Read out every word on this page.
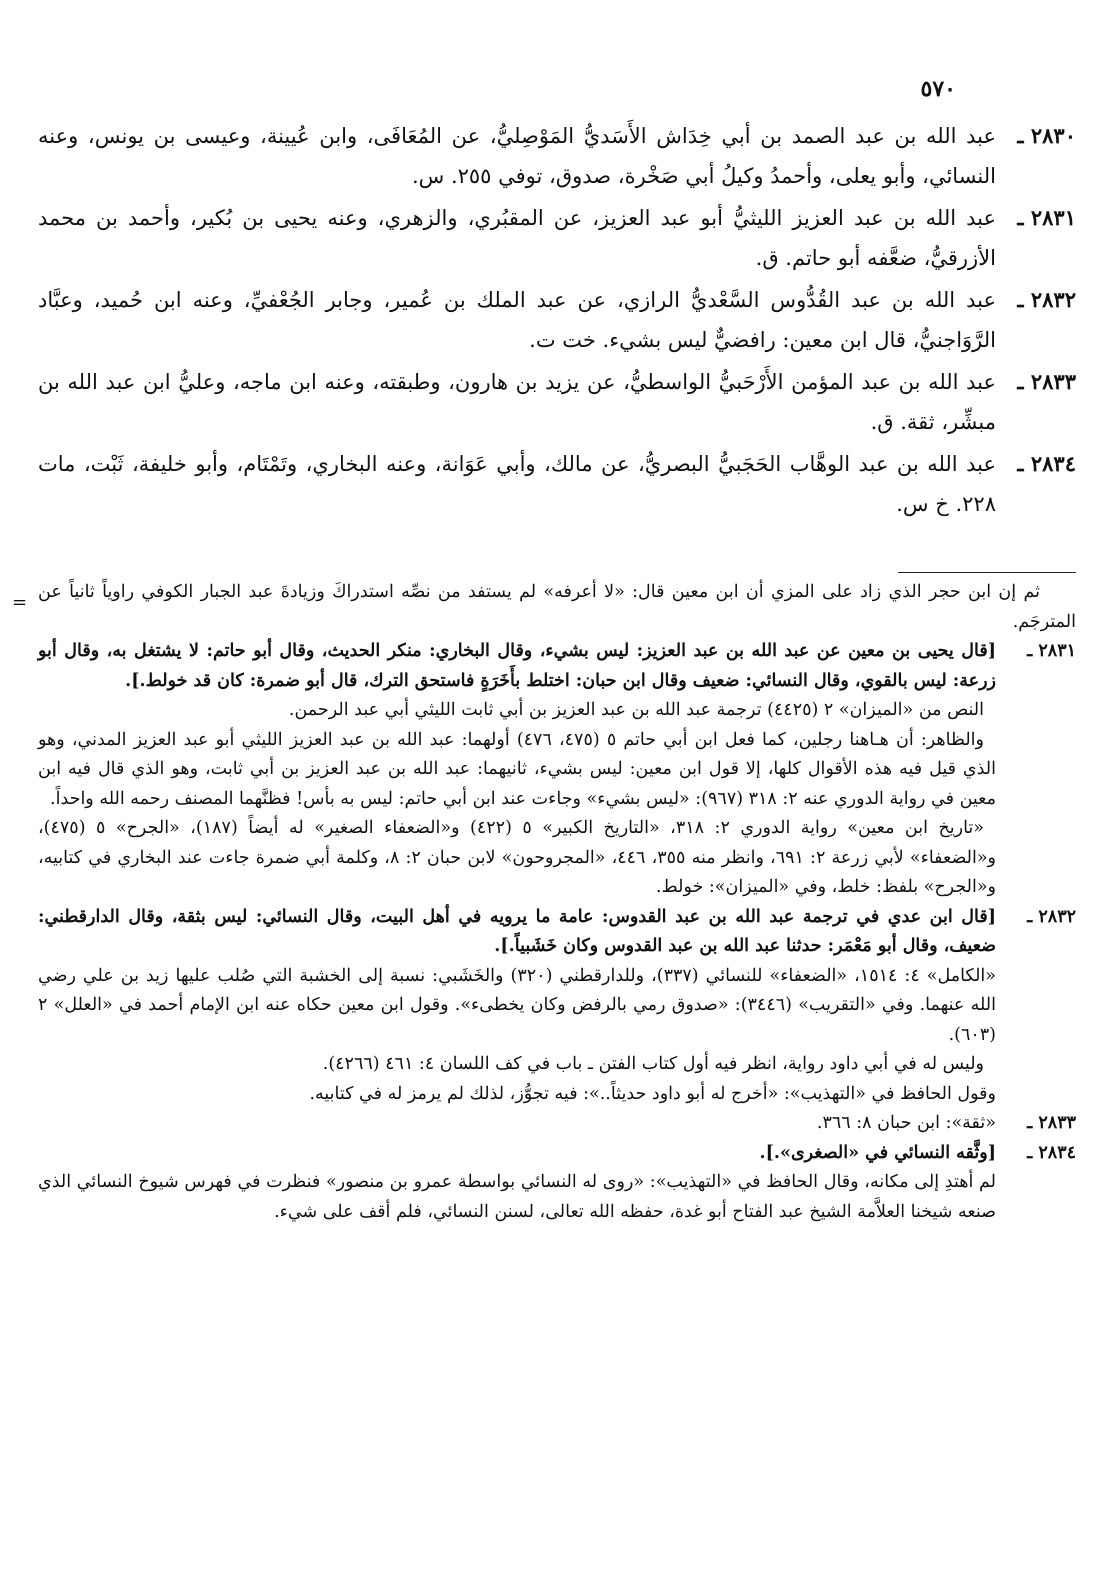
٥٧٠
٢٨٣٠ ـ
عبد الله بن عبد الصمد بن أبي خِدَاش الأَسَديُّ المَوْصِليُّ، عن المُعَافَى، وابن عُيينة، وعيسى بن يونس، وعنه النسائي، وأبو يعلى، وأحمدُ وكيلُ أبي صَخْرة، صدوق، توفي ٢٥٥. س.
٢٨٣١ ـ
عبد الله بن عبد العزيز الليثيُّ أبو عبد العزيز، عن المقبُري، والزهري، وعنه يحيى بن بُكير، وأحمد بن محمد الأزرقيُّ، ضعَّفه أبو حاتم. ق.
٢٨٣٢ ـ
عبد الله بن عبد القُدُّوس السَّعْديُّ الرازي، عن عبد الملك بن عُمير، وجابر الجُعْفيِّ، وعنه ابن حُميد، وعبَّاد الرَّوَاجنيُّ، قال ابن معين: رافضيٌّ ليس بشيء. خت ت.
٢٨٣٣ ـ
عبد الله بن عبد المؤمن الأَرْحَبيُّ الواسطيُّ، عن يزيد بن هارون، وطبقته، وعنه ابن ماجه، وعليُّ ابن عبد الله بن مبشِّر، ثقة. ق.
٢٨٣٤ ـ
عبد الله بن عبد الوهَّاب الحَجَبيُّ البصريُّ، عن مالك، وأبي عَوَانة، وعنه البخاري، وتَمْتَام، وأبو خليفة، ثَبْت، مات ٢٢٨. خ س.
= ثم إن ابن حجر الذي زاد على المزي أن ابن معين قال: «لا أعرفه» لم يستفد من نصِّه استدراكَ وزيادةَ عبد الجبار الكوفي راوياً ثانياً عن المترجَم.
٢٨٣١ ـ
[قال يحيى بن معين عن عبد الله بن عبد العزيز: ليس بشيء، وقال البخاري: منكر الحديث، وقال أبو حاتم: لا يشتغل به، وقال أبو زرعة: ليس بالقوي، وقال النسائي: ضعيف وقال ابن حبان: اختلط بأَخَرَةٍ فاستحق الترك، قال أبو ضمرة: كان قد خولط.].
النص من «الميزان» ٢ (٤٤٢٥) ترجمة عبد الله بن عبد العزيز بن أبي ثابت الليثي أبي عبد الرحمن.
والظاهر: أن هـاهنا رجلين، كما فعل ابن أبي حاتم ٥ (٤٧٥، ٤٧٦) أولهما: عبد الله بن عبد العزيز الليثي أبو عبد العزيز المدني، وهو الذي قيل فيه هذه الأقوال كلها، إلا قول ابن معين: ليس بشيء، ثانيهما: عبد الله بن عبد العزيز بن أبي ثابت، وهو الذي قال فيه ابن معين في رواية الدوري عنه ٢: ٣١٨ (٩٦٧): «ليس بشيء» وجاءت عند ابن أبي حاتم: ليس به بأس! فظنَّهما المصنف رحمه الله واحداً.
«تاريخ ابن معين» رواية الدوري ٢: ٣١٨، «التاريخ الكبير» ٥ (٤٢٢) و«الضعفاء الصغير» له أيضاً (١٨٧)، «الجرح» ٥ (٤٧٥)، و«الضعفاء» لأبي زرعة ٢: ٦٩١، وانظر منه ٣٥٥، ٤٤٦، «المجروحون» لابن حبان ٢: ٨، وكلمة أبي ضمرة جاءت عند البخاري في كتابيه، و«الجرح» بلفظ: خلط، وفي «الميزان»: خولط.
٢٨٣٢ ـ
[قال ابن عدي في ترجمة عبد الله بن عبد القدوس: عامة ما يرويه في أهل البيت، وقال النسائي: ليس بثقة، وقال الدارقطني: ضعيف، وقال أبو مَعْمَر: حدثنا عبد الله بن عبد القدوس وكان خَشَبياً.].
«الكامل» ٤: ١٥١٤، «الضعفاء» للنسائي (٣٣٧)، وللدارقطني (٣٢٠) والخَشَبي: نسبة إلى الخشبة التي صُلب عليها زيد بن علي رضي الله عنهما. وفي «التقريب» (٣٤٤٦): «صدوق رمي بالرفض وكان يخطىء». وقول ابن معين حكاه عنه ابن الإمام أحمد في «العلل» ٢ (٦٠٣).
وليس له في أبي داود رواية، انظر فيه أول كتاب الفتن ـ باب في كف اللسان ٤: ٤٦١ (٤٢٦٦).
وقول الحافظ في «التهذيب»: «أخرج له أبو داود حديثاً..»: فيه تجوُّز، لذلك لم يرمز له في كتابيه.
٢٨٣٣ ـ
«ثقة»: ابن حبان ٨: ٣٦٦.
٢٨٣٤ ـ
[وثَّقه النسائي في «الصغرى».].
لم أهتدِ إلى مكانه، وقال الحافظ في «التهذيب»: «روى له النسائي بواسطة عمرو بن منصور» فنظرت في فهرس شيوخ النسائي الذي صنعه شيخنا العلاَّمة الشيخ عبد الفتاح أبو غدة، حفظه الله تعالى، لسنن النسائي، فلم أقف على شيء.
